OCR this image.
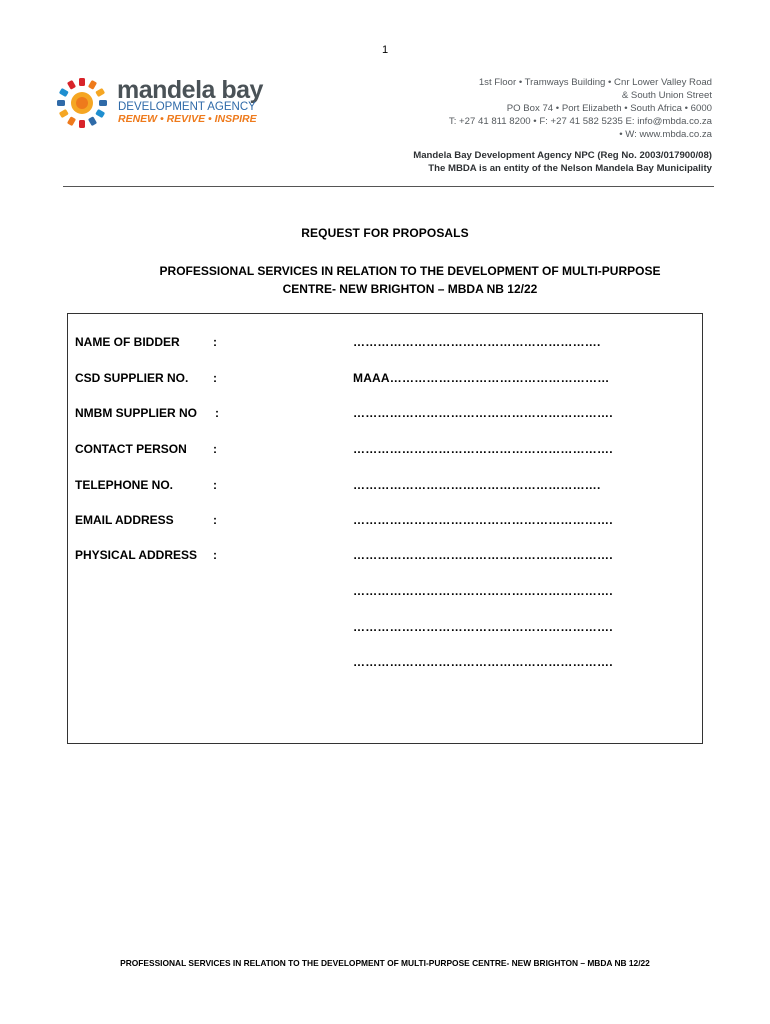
1
mandela bay
DEVELOPMENT AGENCY
RENEW • REVIVE • INSPIRE
1st Floor • Tramways Building • Cnr Lower Valley Road
& South Union Street
PO Box 74 • Port Elizabeth • South Africa • 6000
T: +27 41 811 8200 • F: +27 41 582 5235 E: info@mbda.co.za
• W: www.mbda.co.za
Mandela Bay Development Agency NPC (Reg No. 2003/017900/08)
The MBDA is an entity of the Nelson Mandela Bay Municipality
REQUEST FOR PROPOSALS
PROFESSIONAL SERVICES IN RELATION TO THE DEVELOPMENT OF MULTI-PURPOSE
CENTRE- NEW BRIGHTON – MBDA NB 12/22
NAME OF BIDDER	:	…………………………………………………….
CSD SUPPLIER NO. :	MAAA………………………………………………
NMBM SUPPLIER NO :	……………………………………………………….
CONTACT PERSON :	……………………………………………………….
TELEPHONE NO.	:	…………………………………………………….
EMAIL ADDRESS	:	……………………………………………………….
PHYSICAL ADDRESS :	……………………………………………………….
……………………………………………………….
……………………………………………………….
……………………………………………………….
PROFESSIONAL SERVICES IN RELATION TO THE DEVELOPMENT OF MULTI-PURPOSE CENTRE- NEW BRIGHTON – MBDA NB 12/22
